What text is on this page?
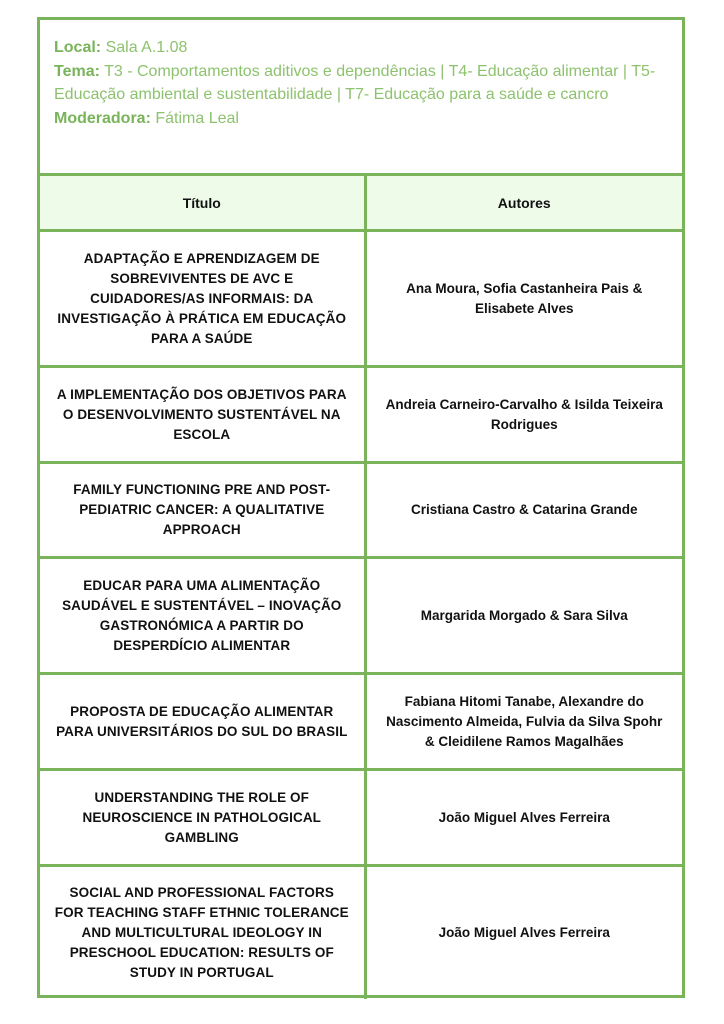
Local: Sala A.1.08

Tema: T3 - Comportamentos aditivos e dependências | T4- Educação alimentar | T5- Educação ambiental e sustentabilidade | T7- Educação para a saúde e cancro

Moderadora: Fátima Leal

Título	Autores
ADAPTAÇÃO E APRENDIZAGEM DE SOBREVIVENTES DE AVC E CUIDADORES/AS INFORMAIS: DA INVESTIGAÇÃO À PRÁTICA EM EDUCAÇÃO PARA A SAÚDE	Ana Moura, Sofia Castanheira Pais & Elisabete Alves
A IMPLEMENTAÇÃO DOS OBJETIVOS PARA O DESENVOLVIMENTO SUSTENTÁVEL NA ESCOLA	Andreia Carneiro-Carvalho & Isilda Teixeira Rodrigues
FAMILY FUNCTIONING PRE AND POST-PEDIATRIC CANCER: A QUALITATIVE APPROACH	Cristiana Castro & Catarina Grande
EDUCAR PARA UMA ALIMENTAÇÃO SAUDÁVEL E SUSTENTÁVEL – INOVAÇÃO GASTRONÓMICA A PARTIR DO DESPERDÍCIO ALIMENTAR	Margarida Morgado & Sara Silva
PROPOSTA DE EDUCAÇÃO ALIMENTAR PARA UNIVERSITÁRIOS DO SUL DO BRASIL	Fabiana Hitomi Tanabe, Alexandre do Nascimento Almeida, Fulvia da Silva Spohr & Cleidilene Ramos Magalhães
UNDERSTANDING THE ROLE OF NEUROSCIENCE IN PATHOLOGICAL GAMBLING	João Miguel Alves Ferreira
SOCIAL AND PROFESSIONAL FACTORS FOR TEACHING STAFF ETHNIC TOLERANCE AND MULTICULTURAL IDEOLOGY IN PRESCHOOL EDUCATION: RESULTS OF STUDY IN PORTUGAL	João Miguel Alves Ferreira
